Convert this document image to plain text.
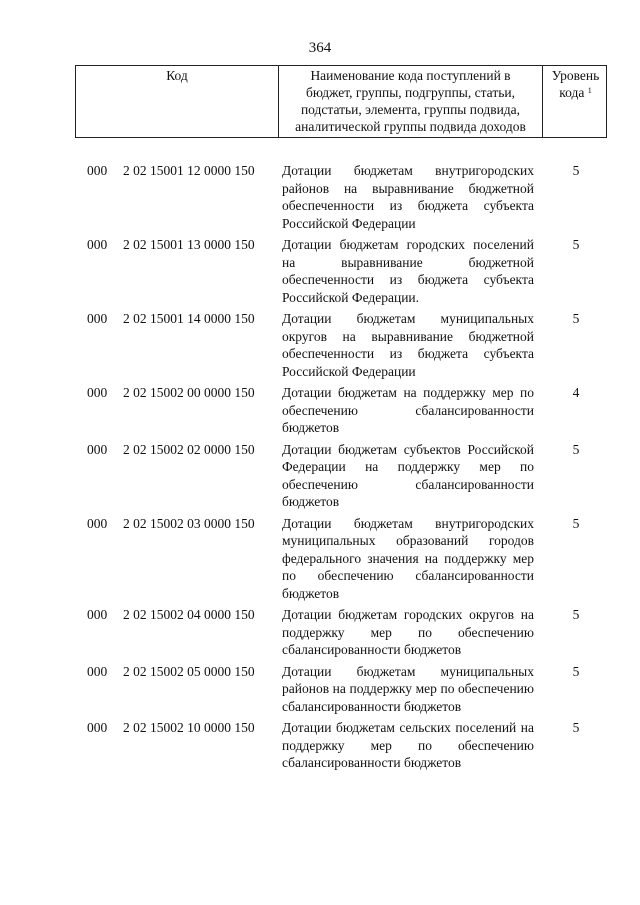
364
Код	Наименование кода поступлений в
бюджет, группы, подгруппы, статьи,
подстатьи, элемента, группы подвида,
аналитической группы подвида доходов
Уровень
кода $^1$
000 2 02 15001 12 0000 150 Дотации бюджетам внутригородских районов на выравнивание бюджетной обеспеченности из бюджета субъекта Российской Федерации
5
000 2 02 15001 13 0000 150 Дотации бюджетам городских поселений на выравнивание бюджетной обеспеченности из бюджета субъекта Российской Федерации.
5
000 2 02 15001 14 0000 150 Дотации бюджетам муниципальных округов на выравнивание бюджетной обеспеченности из бюджета субъекта Российской Федерации
5
000 2 02 15002 00 0000 150 Дотации бюджетам на поддержку мер по обеспечению сбалансированности бюджетов
4
000 2 02 15002 02 0000 150 Дотации бюджетам субъектов Российской Федерации на поддержку мер по обеспечению сбалансированности бюджетов
5
000 2 02 15002 03 0000 150 Дотации бюджетам внутригородских муниципальных образований городов федерального значения на поддержку мер по обеспечению сбалансированности бюджетов
5
000 2 02 15002 04 0000 150 Дотации бюджетам городских округов на поддержку мер по обеспечению сбалансированности бюджетов
5
000 2 02 15002 05 0000 150 Дотации бюджетам муниципальных районов на поддержку мер по обеспечению сбалансированности бюджетов
5
000 2 02 15002 10 0000 150 Дотации бюджетам сельских поселений на поддержку мер по обеспечению сбалансированности бюджетов
5
